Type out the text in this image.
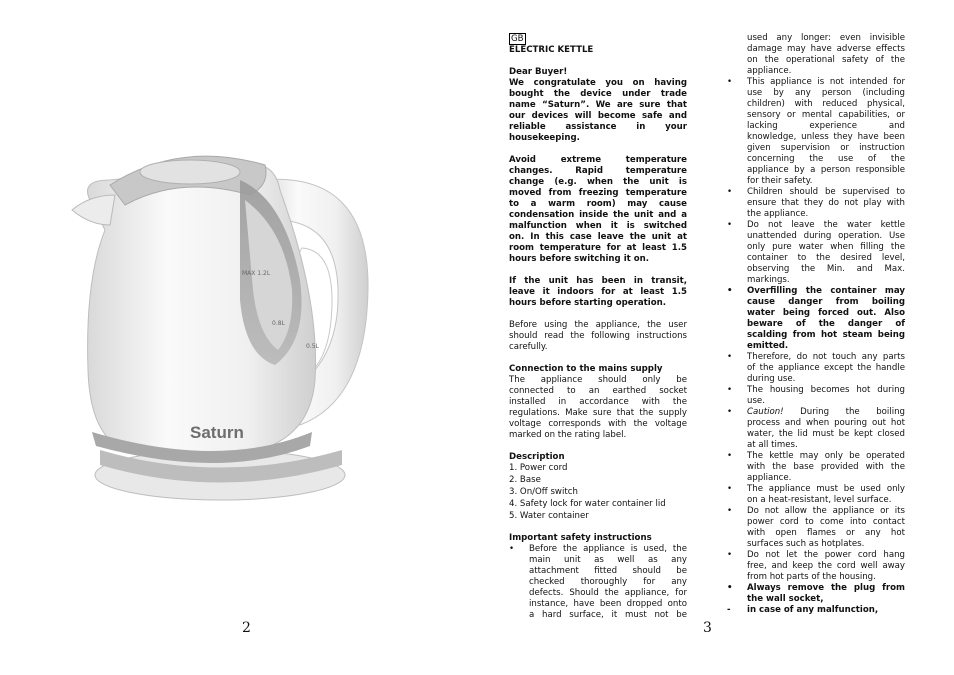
Saturn
MAX 1.2L
0.8L
0.5L
2

GB

ELECTRIC KETTLE

Dear Buyer!

We congratulate you on having

bought the device under trade

name “Saturn”. We are sure that

our devices will become safe and

reliable assistance in your

housekeeping.

Avoid extreme temperature

changes. Rapid temperature

change (e.g. when the unit is

moved from freezing temperature

to a warm room) may cause

condensation inside the unit and a

malfunction when it is switched

on. In this case leave the unit at

room temperature for at least 1.5

hours before switching it on.

If the unit has been in transit,

leave it indoors for at least 1.5

hours before starting operation.

Before using the appliance, the user

should read the following instructions

carefully.

Connection to the mains supply

The appliance should only be

connected to an earthed socket

installed in accordance with the

regulations. Make sure that the supply

voltage corresponds with the voltage

marked on the rating label.

Description

1. Power cord

2. Base

3. On/Off switch

4. Safety lock for water container lid

5. Water container

Important safety instructions

• Before the appliance is used, the

main unit as well as any

attachment fitted should be

checked thoroughly for any

defects. Should the appliance, for

instance, have been dropped onto

a hard surface, it must not be

used any longer: even invisible

damage may have adverse effects

on the operational safety of the

appliance.

• This appliance is not intended for

use by any person (including

children) with reduced physical,

sensory or mental capabilities, or

lacking experience and

knowledge, unless they have been

given supervision or instruction

concerning the use of the

appliance by a person responsible

for their safety.

• Children should be supervised to

ensure that they do not play with

the appliance.

• Do not leave the water kettle

unattended during operation. Use

only pure water when filling the

container to the desired level,

observing the Min. and Max.

markings.

• Overfilling the container may

cause danger from boiling

water being forced out. Also

beware of the danger of

scalding from hot steam being

emitted.

• Therefore, do not touch any parts

of the appliance except the handle

during use.

• The housing becomes hot during

use.

• Caution! During the boiling

process and when pouring out hot

water, the lid must be kept closed

at all times.

• The kettle may only be operated

with the base provided with the

appliance.

• The appliance must be used only

on a heat-resistant, level surface.

• Do not allow the appliance or its

power cord to come into contact

with open flames or any hot

surfaces such as hotplates.

• Do not let the power cord hang

free, and keep the cord well away

from hot parts of the housing.

• Always remove the plug from

the wall socket,

- in case of any malfunction,

3
